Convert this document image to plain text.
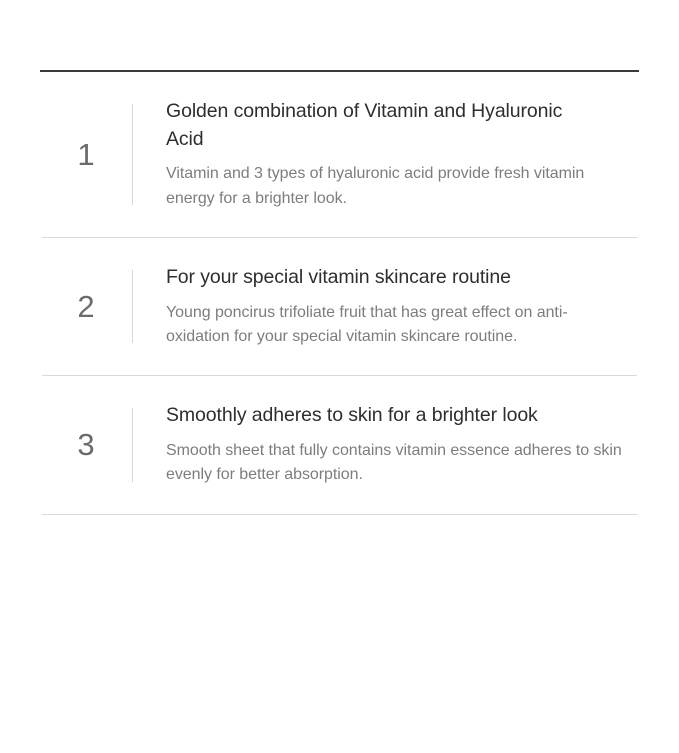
1

Golden combination of Vitamin and Hyaluronic Acid

Vitamin and 3 types of hyaluronic acid provide fresh vitamin energy for a brighter look.

2

For your special vitamin skincare routine

Young poncirus trifoliate fruit that has great effect on anti-oxidation for your special vitamin skincare routine.

3

Smoothly adheres to skin for a brighter look

Smooth sheet that fully contains vitamin essence adheres to skin evenly for better absorption.
